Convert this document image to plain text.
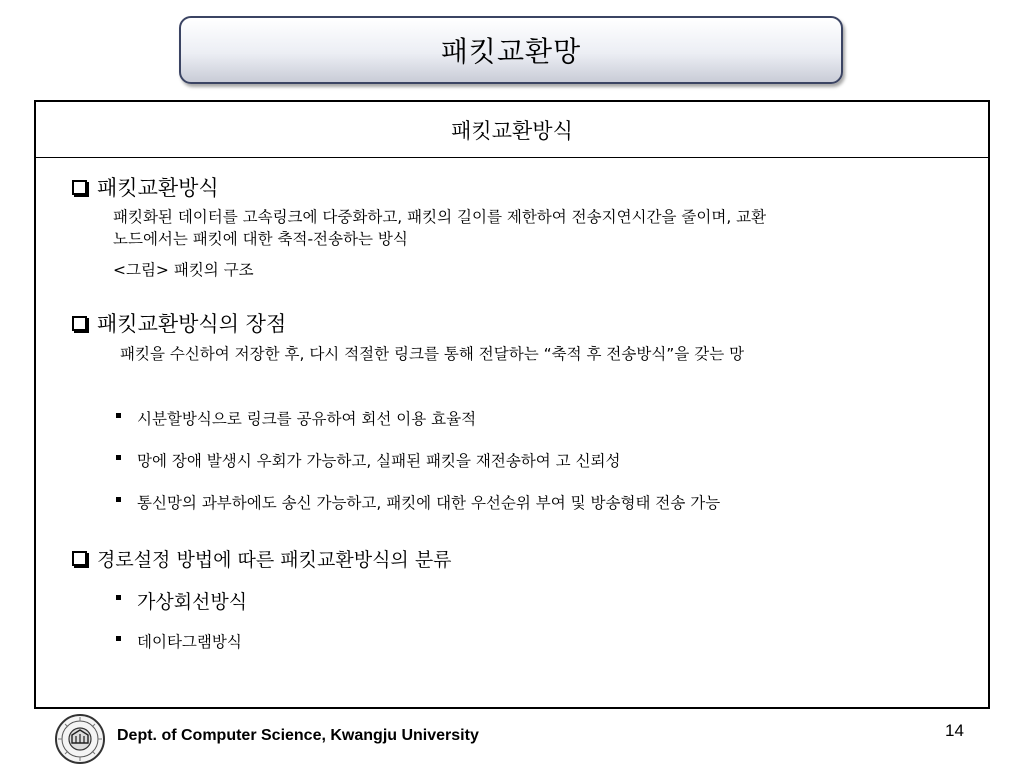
패킷교환망
패킷교환방식
패킷교환방식
패킷화된 데이터를 고속링크에 다중화하고, 패킷의 길이를 제한하여 전송지연시간을 줄이며, 교환
노드에서는 패킷에 대한 축적-전송하는 방식
<그림> 패킷의 구조
패킷교환방식의 장점
패킷을 수신하여 저장한 후, 다시 적절한 링크를 통해 전달하는 “축적 후 전송방식”을 갖는 망
시분할방식으로 링크를 공유하여 회선 이용 효율적
망에 장애 발생시 우회가 가능하고, 실패된 패킷을 재전송하여 고 신뢰성
통신망의 과부하에도 송신 가능하고, 패킷에 대한 우선순위 부여 및 방송형태 전송 가능
경로설정 방법에 따른 패킷교환방식의 분류
가상회선방식
데이타그램방식
Dept. of Computer Science, Kwangju University	14
